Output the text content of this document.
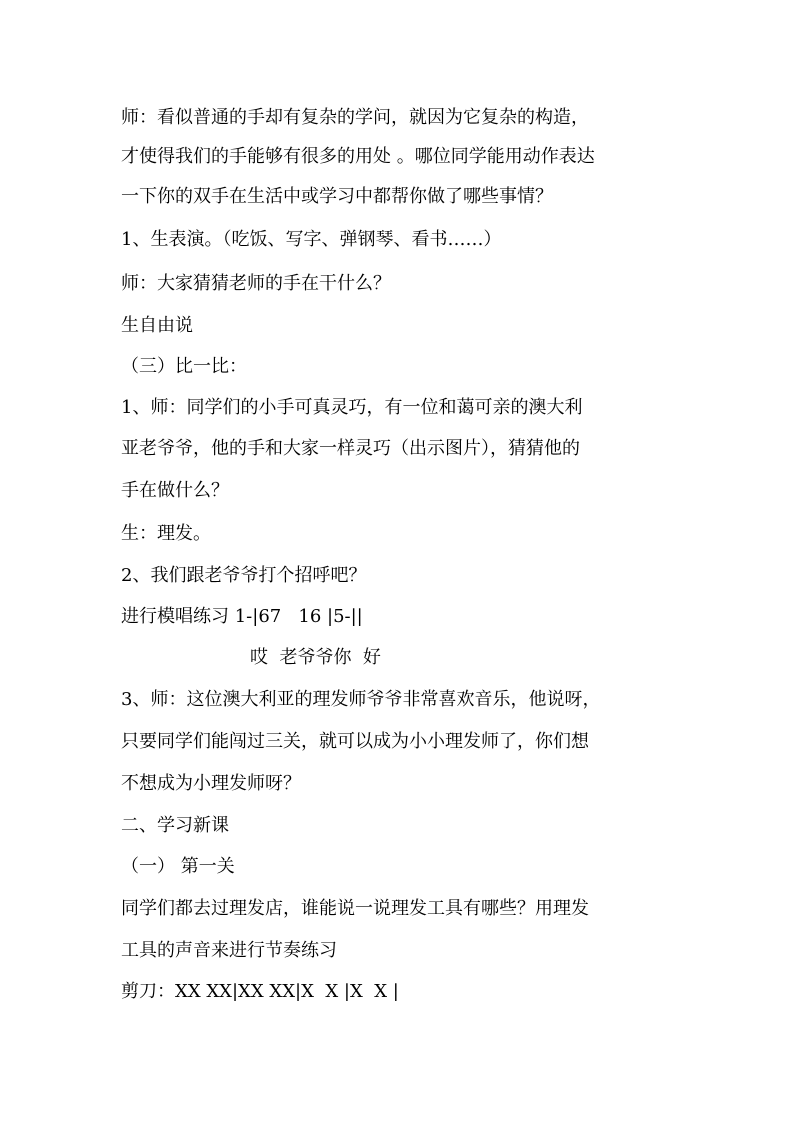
师：看似普通的手却有复杂的学问，就因为它复杂的构造，
才使得我们的手能够有很多的用处 。哪位同学能用动作表达
一下你的双手在生活中或学习中都帮你做了哪些事情？
1、生表演。（吃饭、写字、弹钢琴、看书……）
师：大家猜猜老师的手在干什么？
生自由说
（三）比一比：
1、师：同学们的小手可真灵巧，有一位和蔼可亲的澳大利
亚老爷爷，他的手和大家一样灵巧（出示图片），猜猜他的
手在做什么？
生：理发。
2、我们跟老爷爷打个招呼吧？
进行模唱练习 1-|67   16 |5-||
哎  老爷爷你  好
3、师：这位澳大利亚的理发师爷爷非常喜欢音乐，他说呀，
只要同学们能闯过三关，就可以成为小小理发师了，你们想
不想成为小理发师呀？
二、学习新课
（一） 第一关
同学们都去过理发店，谁能说一说理发工具有哪些？用理发
工具的声音来进行节奏练习
剪刀：XX XX|XX XX|X  X |X  X |
